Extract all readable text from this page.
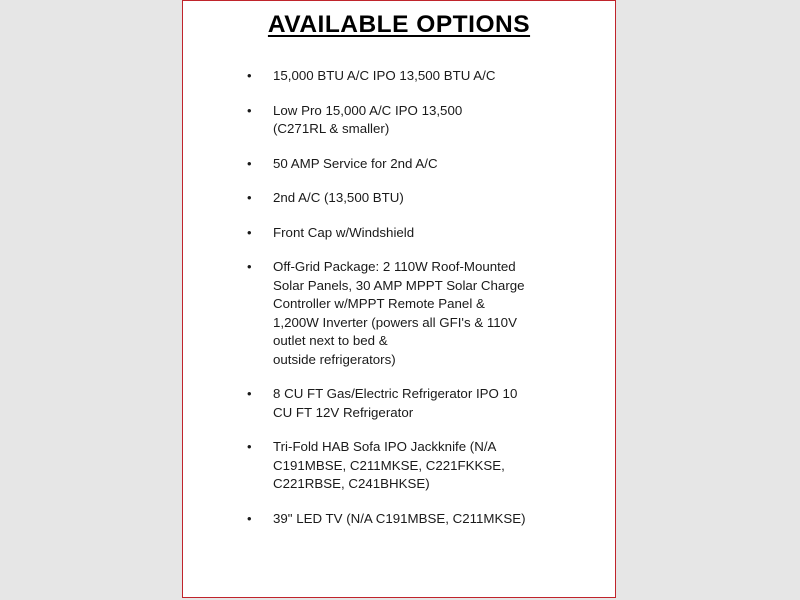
AVAILABLE OPTIONS
• 15,000 BTU A/C IPO 13,500 BTU A/C
• Low Pro 15,000 A/C IPO 13,500
(C271RL & smaller)
• 50 AMP Service for 2nd A/C
• 2nd A/C (13,500 BTU)
• Front Cap w/Windshield
• Off-Grid Package: 2 110W Roof-Mounted
Solar Panels, 30 AMP MPPT Solar Charge
Controller w/MPPT Remote Panel &
1,200W Inverter (powers all GFI's & 110V
outlet next to bed &
outside refrigerators)
• 8 CU FT Gas/Electric Refrigerator IPO 10
CU FT 12V Refrigerator
• Tri-Fold HAB Sofa IPO Jackknife (N/A
C191MBSE, C211MKSE, C221FKKSE,
C221RBSE, C241BHKSE)
• 39" LED TV (N/A C191MBSE, C211MKSE)
